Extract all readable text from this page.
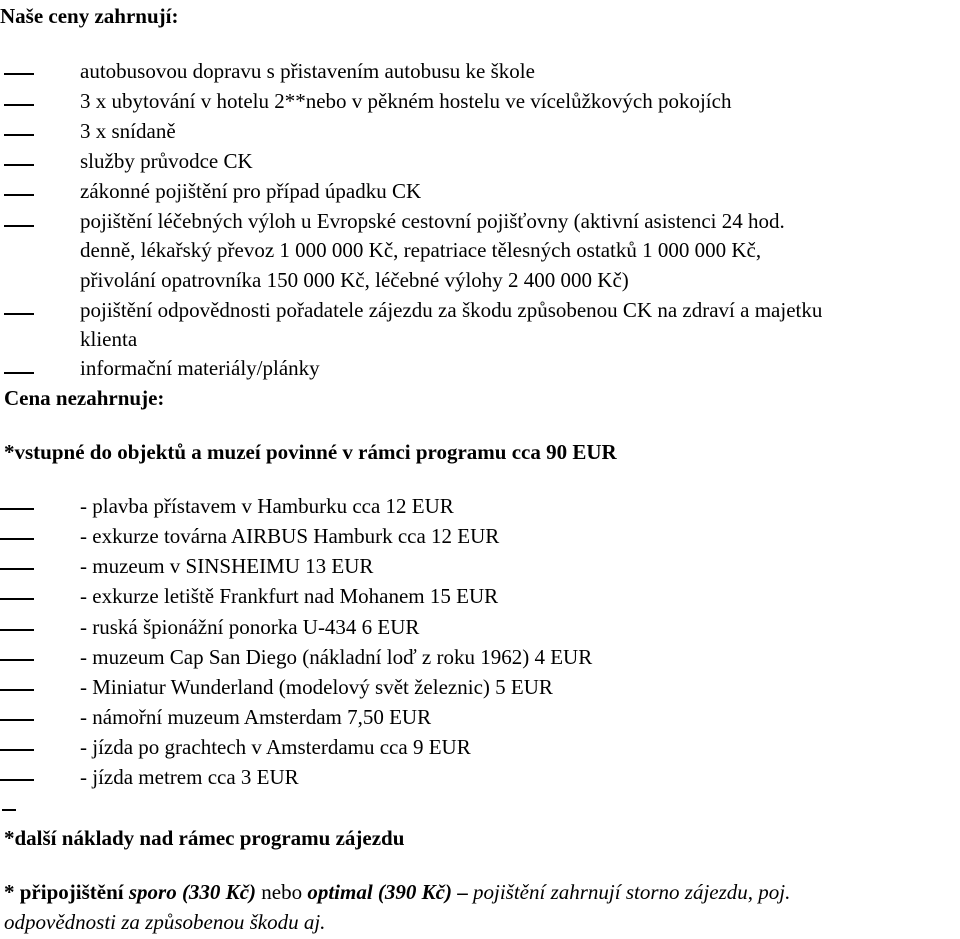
Naše ceny zahrnují:
autobusovou dopravu s přistavením autobusu ke škole
3 x ubytování v hotelu 2**nebo v pěkném hostelu ve vícelůžkových pokojích
3 x snídaně
služby průvodce CK
zákonné pojištění pro případ úpadku CK
pojištění léčebných výloh u Evropské cestovní pojišťovny (aktivní asistenci 24 hod.
denně, lékařský převoz 1 000 000 Kč, repatriace tělesných ostatků 1 000 000 Kč,
přivolání opatrovníka 150 000 Kč, léčebné výlohy 2 400 000 Kč)
pojištění odpovědnosti pořadatele zájezdu za škodu způsobenou CK na zdraví a majetku
klienta
informační materiály/plánky
Cena nezahrnuje:
*vstupné do objektů a muzeí povinné v rámci programu cca 90 EUR
- plavba přístavem v Hamburku cca 12 EUR
- exkurze továrna AIRBUS Hamburk cca 12 EUR
- muzeum v SINSHEIMU 13 EUR
- exkurze letiště Frankfurt nad Mohanem 15 EUR
- ruská špionážní ponorka U-434 6 EUR
- muzeum Cap San Diego (nákladní loď z roku 1962) 4 EUR
- Miniatur Wunderland (modelový svět železnic) 5 EUR
- námořní muzeum Amsterdam 7,50 EUR
- jízda po grachtech v Amsterdamu cca 9 EUR
- jízda metrem cca 3 EUR
*další náklady nad rámec programu zájezdu
* připojištění sporo (330 Kč) nebo optimal (390 Kč) – pojištění zahrnují storno zájezdu, poj.
odpovědnosti za způsobenou škodu aj.
